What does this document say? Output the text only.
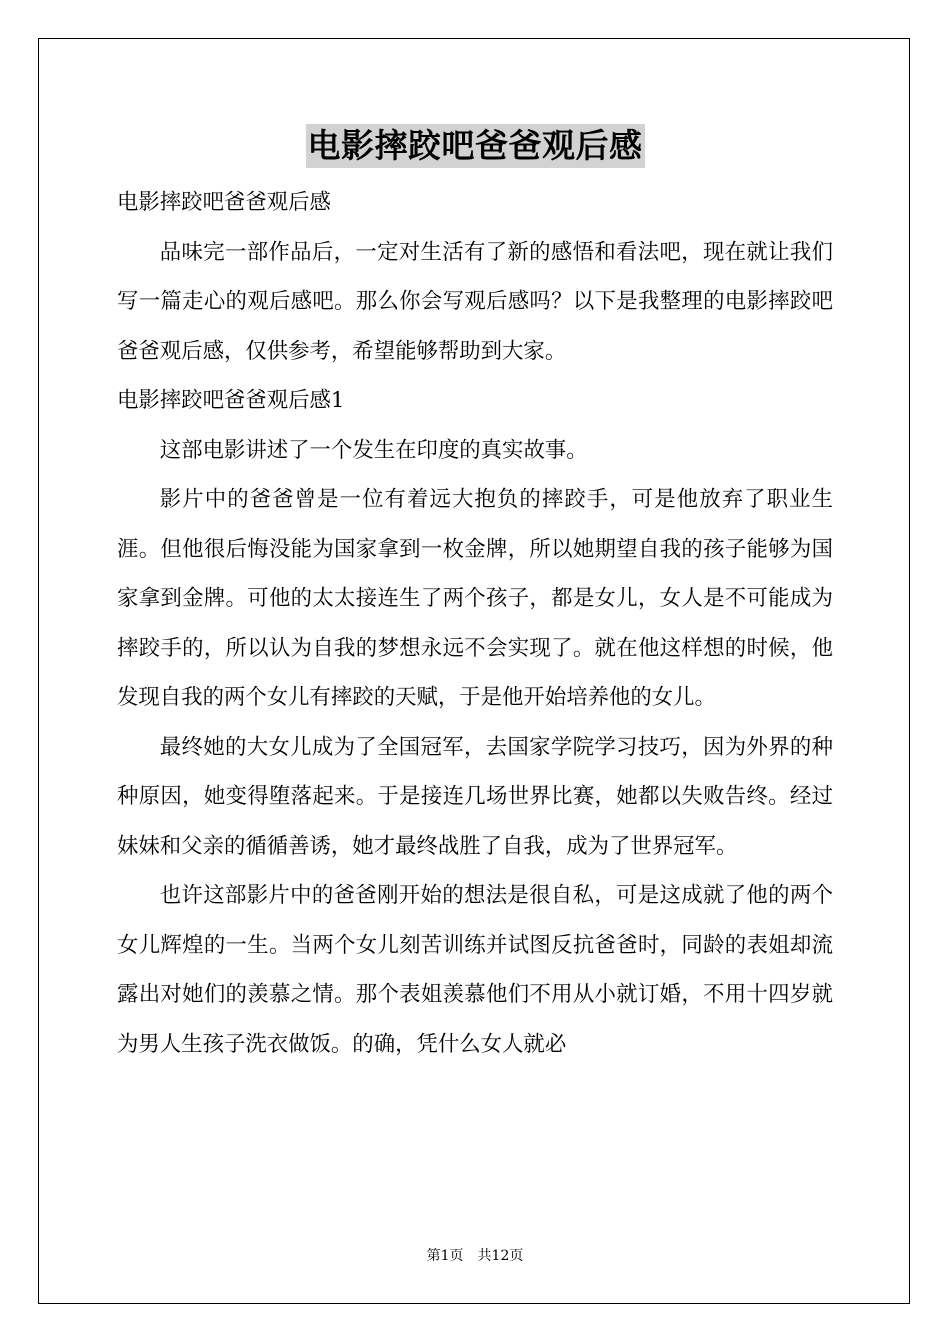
电影摔跤吧爸爸观后感

电影摔跤吧爸爸观后感

品味完一部作品后，一定对生活有了新的感悟和看法吧，现在就让我们写一篇走心的观后感吧。那么你会写观后感吗？以下是我整理的电影摔跤吧爸爸观后感，仅供参考，希望能够帮助到大家。

电影摔跤吧爸爸观后感1

这部电影讲述了一个发生在印度的真实故事。

影片中的爸爸曾是一位有着远大抱负的摔跤手，可是他放弃了职业生涯。但他很后悔没能为国家拿到一枚金牌，所以她期望自我的孩子能够为国家拿到金牌。可他的太太接连生了两个孩子，都是女儿，女人是不可能成为摔跤手的，所以认为自我的梦想永远不会实现了。就在他这样想的时候，他发现自我的两个女儿有摔跤的天赋，于是他开始培养他的女儿。

最终她的大女儿成为了全国冠军，去国家学院学习技巧，因为外界的种种原因，她变得堕落起来。于是接连几场世界比赛，她都以失败告终。经过妹妹和父亲的循循善诱，她才最终战胜了自我，成为了世界冠军。

也许这部影片中的爸爸刚开始的想法是很自私，可是这成就了他的两个女儿辉煌的一生。当两个女儿刻苦训练并试图反抗爸爸时，同龄的表姐却流露出对她们的羡慕之情。那个表姐羡慕他们不用从小就订婚，不用十四岁就为男人生孩子洗衣做饭。的确，凭什么女人就必

第1页 共12页
